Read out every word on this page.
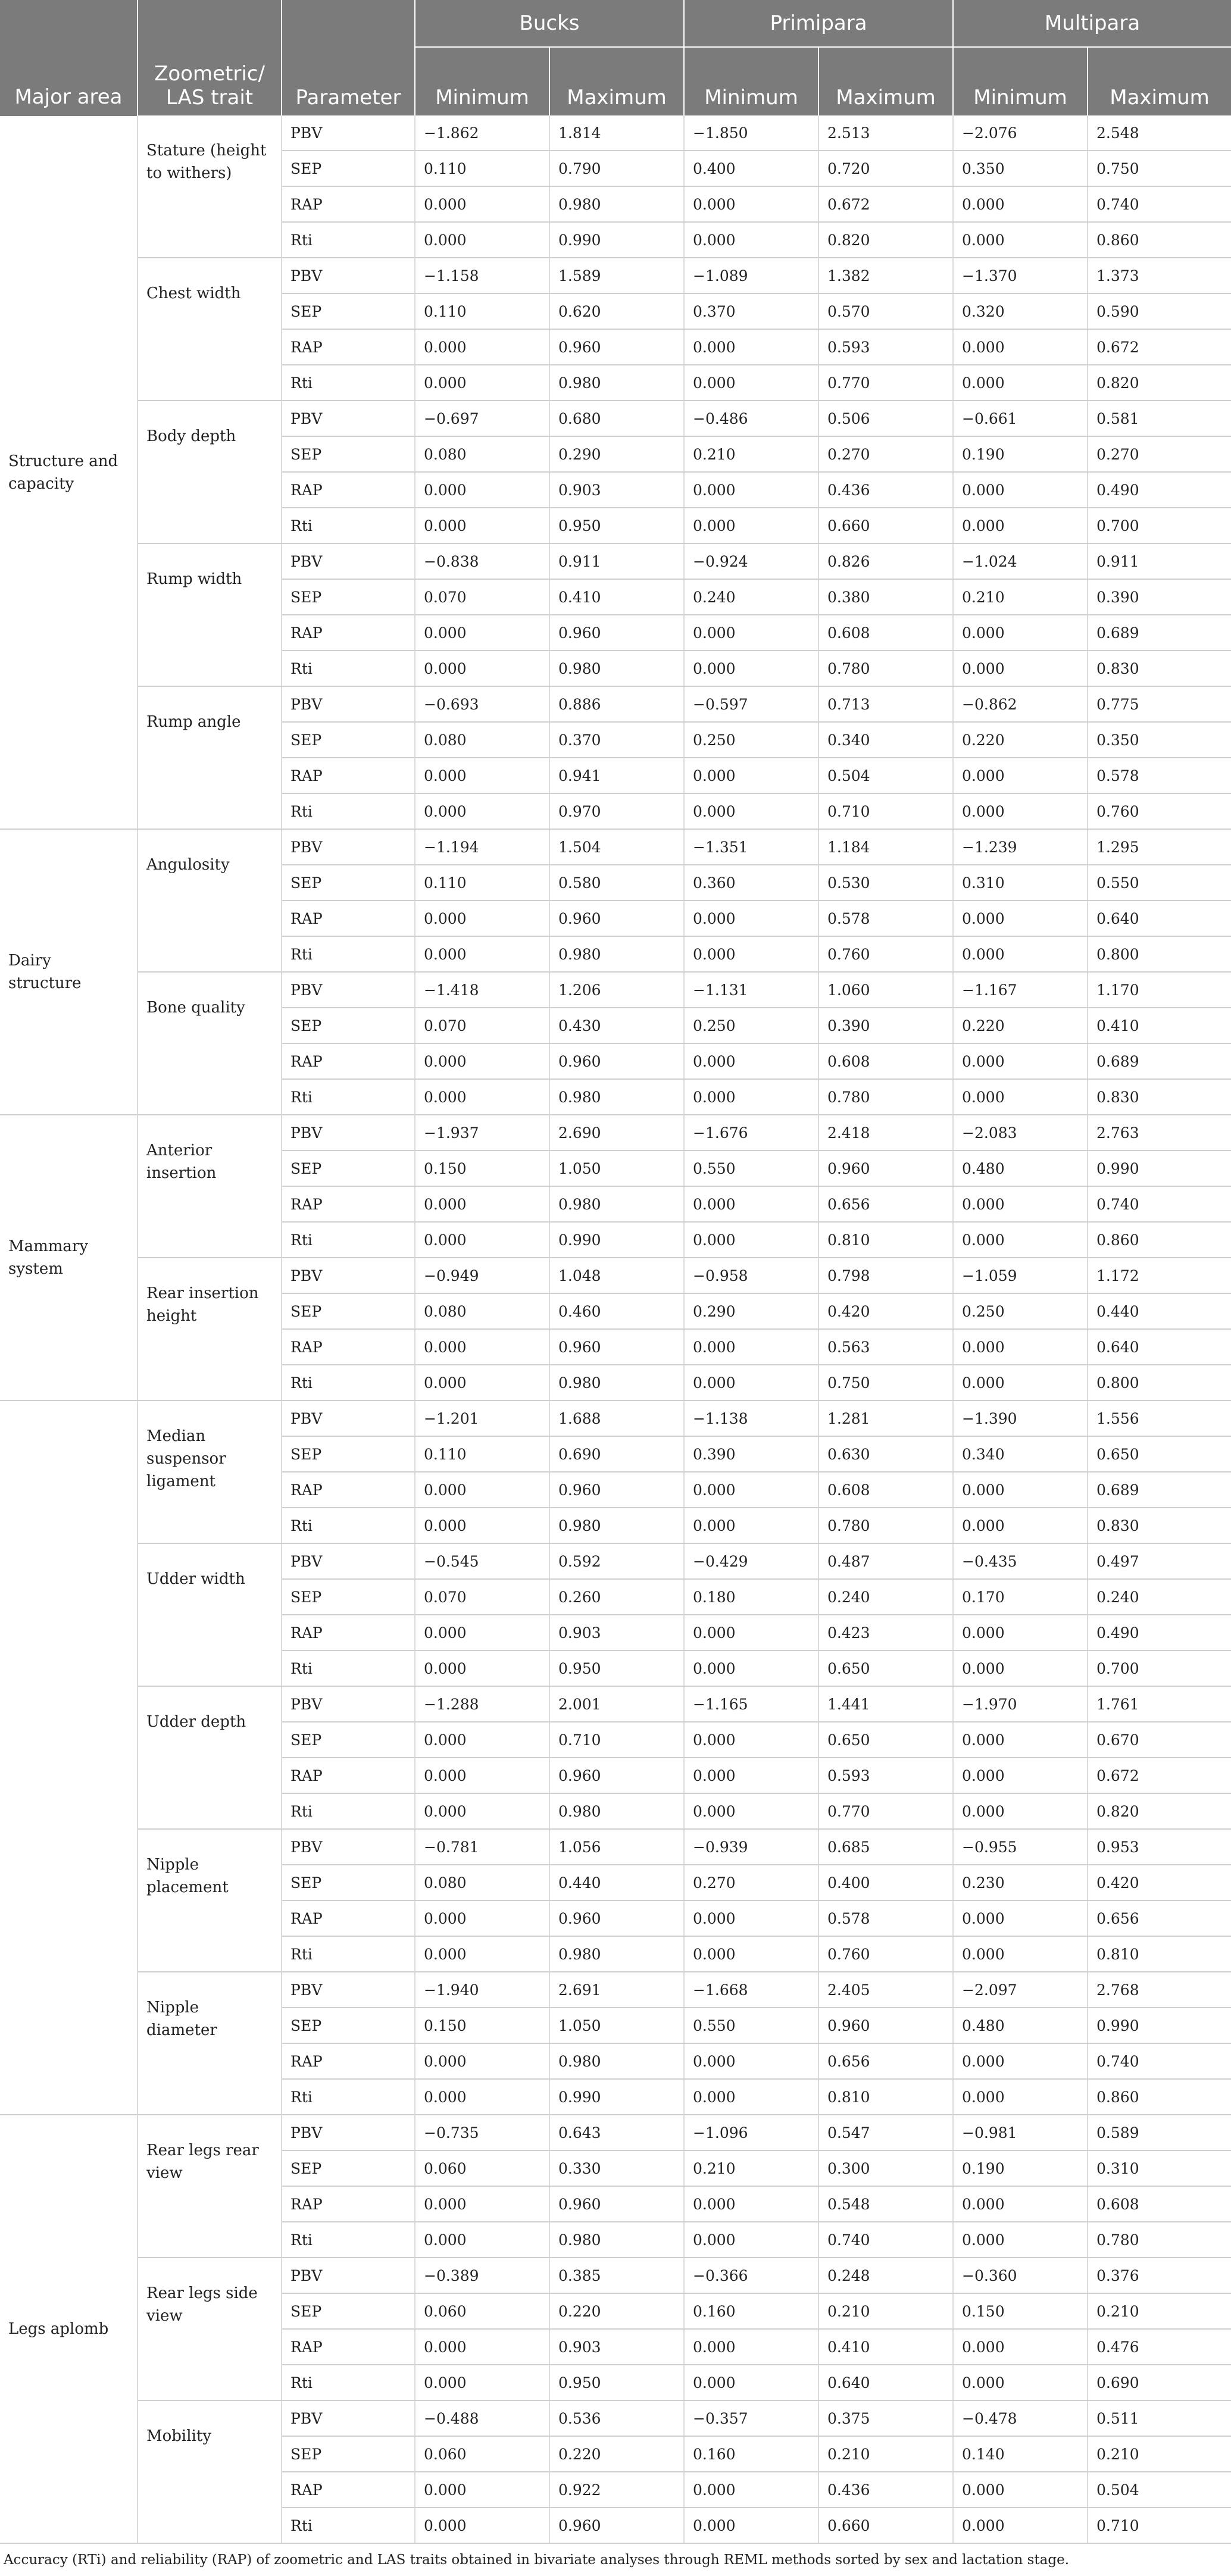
			Bucks		Primipara		Multipara	
Major area	Zoometric/ LAS trait	Parameter	Minimum	Maximum	Minimum	Maximum	Minimum	Maximum
Structure and capacity	Stature (height to withers)	PBV	−1.862	1.814	−1.850	2.513	−2.076	2.548
		SEP	0.110	0.790	0.400	0.720	0.350	0.750
		RAP	0.000	0.980	0.000	0.672	0.000	0.740
		Rti	0.000	0.990	0.000	0.820	0.000	0.860
	Chest width	PBV	−1.158	1.589	−1.089	1.382	−1.370	1.373
		SEP	0.110	0.620	0.370	0.570	0.320	0.590
		RAP	0.000	0.960	0.000	0.593	0.000	0.672
		Rti	0.000	0.980	0.000	0.770	0.000	0.820
	Body depth	PBV	−0.697	0.680	−0.486	0.506	−0.661	0.581
		SEP	0.080	0.290	0.210	0.270	0.190	0.270
		RAP	0.000	0.903	0.000	0.436	0.000	0.490
		Rti	0.000	0.950	0.000	0.660	0.000	0.700
	Rump width	PBV	−0.838	0.911	−0.924	0.826	−1.024	0.911
		SEP	0.070	0.410	0.240	0.380	0.210	0.390
		RAP	0.000	0.960	0.000	0.608	0.000	0.689
		Rti	0.000	0.980	0.000	0.780	0.000	0.830
	Rump angle	PBV	−0.693	0.886	−0.597	0.713	−0.862	0.775
		SEP	0.080	0.370	0.250	0.340	0.220	0.350
		RAP	0.000	0.941	0.000	0.504	0.000	0.578
		Rti	0.000	0.970	0.000	0.710	0.000	0.760
Dairy structure	Angulosity	PBV	−1.194	1.504	−1.351	1.184	−1.239	1.295
		SEP	0.110	0.580	0.360	0.530	0.310	0.550
		RAP	0.000	0.960	0.000	0.578	0.000	0.640
		Rti	0.000	0.980	0.000	0.760	0.000	0.800
	Bone quality	PBV	−1.418	1.206	−1.131	1.060	−1.167	1.170
		SEP	0.070	0.430	0.250	0.390	0.220	0.410
		RAP	0.000	0.960	0.000	0.608	0.000	0.689
		Rti	0.000	0.980	0.000	0.780	0.000	0.830
Mammary system	Anterior insertion	PBV	−1.937	2.690	−1.676	2.418	−2.083	2.763
		SEP	0.150	1.050	0.550	0.960	0.480	0.990
		RAP	0.000	0.980	0.000	0.656	0.000	0.740
		Rti	0.000	0.990	0.000	0.810	0.000	0.860
	Rear insertion height	PBV	−0.949	1.048	−0.958	0.798	−1.059	1.172
		SEP	0.080	0.460	0.290	0.420	0.250	0.440
		RAP	0.000	0.960	0.000	0.563	0.000	0.640
		Rti	0.000	0.980	0.000	0.750	0.000	0.800
	Median suspensor ligament	PBV	−1.201	1.688	−1.138	1.281	−1.390	1.556
		SEP	0.110	0.690	0.390	0.630	0.340	0.650
		RAP	0.000	0.960	0.000	0.608	0.000	0.689
		Rti	0.000	0.980	0.000	0.780	0.000	0.830
	Udder width	PBV	−0.545	0.592	−0.429	0.487	−0.435	0.497
		SEP	0.070	0.260	0.180	0.240	0.170	0.240
		RAP	0.000	0.903	0.000	0.423	0.000	0.490
		Rti	0.000	0.950	0.000	0.650	0.000	0.700
	Udder depth	PBV	−1.288	2.001	−1.165	1.441	−1.970	1.761
		SEP	0.000	0.710	0.000	0.650	0.000	0.670
		RAP	0.000	0.960	0.000	0.593	0.000	0.672
		Rti	0.000	0.980	0.000	0.770	0.000	0.820
	Nipple placement	PBV	−0.781	1.056	−0.939	0.685	−0.955	0.953
		SEP	0.080	0.440	0.270	0.400	0.230	0.420
		RAP	0.000	0.960	0.000	0.578	0.000	0.656
		Rti	0.000	0.980	0.000	0.760	0.000	0.810
	Nipple diameter	PBV	−1.940	2.691	−1.668	2.405	−2.097	2.768
		SEP	0.150	1.050	0.550	0.960	0.480	0.990
		RAP	0.000	0.980	0.000	0.656	0.000	0.740
		Rti	0.000	0.990	0.000	0.810	0.000	0.860
Legs aplomb	Rear legs rear view	PBV	−0.735	0.643	−1.096	0.547	−0.981	0.589
		SEP	0.060	0.330	0.210	0.300	0.190	0.310
		RAP	0.000	0.960	0.000	0.548	0.000	0.608
		Rti	0.000	0.980	0.000	0.740	0.000	0.780
	Rear legs side view	PBV	−0.389	0.385	−0.366	0.248	−0.360	0.376
		SEP	0.060	0.220	0.160	0.210	0.150	0.210
		RAP	0.000	0.903	0.000	0.410	0.000	0.476
		Rti	0.000	0.950	0.000	0.640	0.000	0.690
	Mobility	PBV	−0.488	0.536	−0.357	0.375	−0.478	0.511
		SEP	0.060	0.220	0.160	0.210	0.140	0.210
		RAP	0.000	0.922	0.000	0.436	0.000	0.504
		Rti	0.000	0.960	0.000	0.660	0.000	0.710
Accuracy (RTi) and reliability (RAP) of zoometric and LAS traits obtained in bivariate analyses through REML methods sorted by sex and lactation stage.
